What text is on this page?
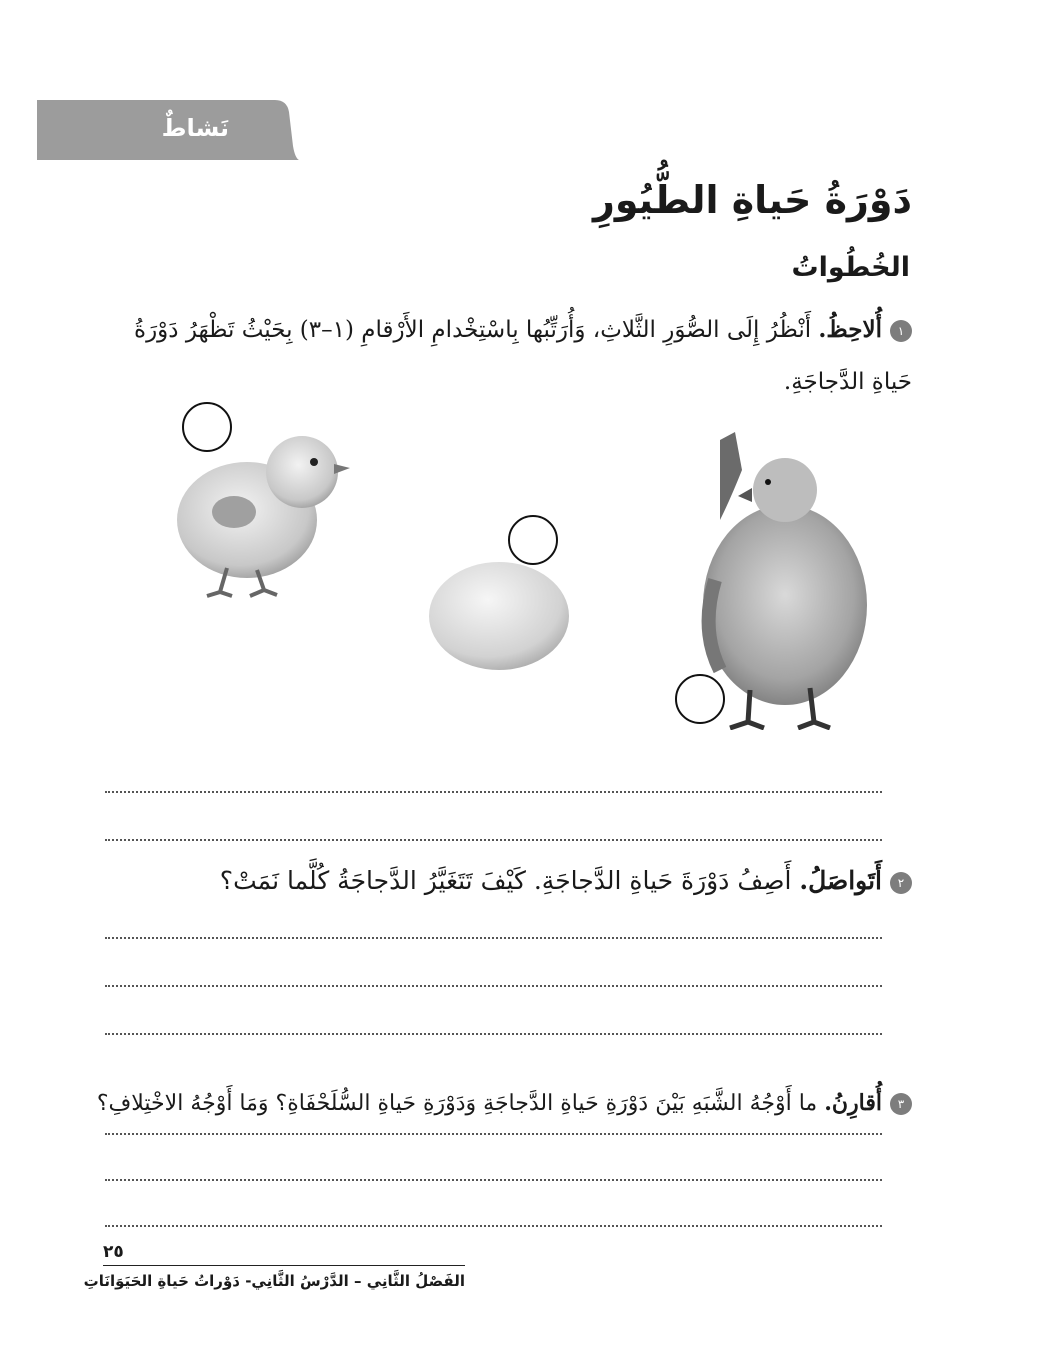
نَشاطٌ
دَوْرَةُ حَياةِ الطُّيُورِ
الخُطُواتُ
١أُلاحِظُ. أَنْظُرُ إِلَى الصُّوَرِ الثَّلاثِ، وَأُرَتِّبُها بِاسْتِخْدامِ الأَرْقامِ (١–٣) بِحَيْثُ تَظْهَرُ دَوْرَةُ حَياةِ الدَّجاجَةِ.
٢أَتَواصَلُ. أَصِفُ دَوْرَةَ حَياةِ الدَّجاجَةِ. كَيْفَ تَتَغَيَّرُ الدَّجاجَةُ كُلَّما نَمَتْ؟
٣أُقارِنُ. ما أَوْجُهُ الشَّبَهِ بَيْنَ دَوْرَةِ حَياةِ الدَّجاجَةِ وَدَوْرَةِ حَياةِ السُّلَحْفَاةِ؟ وَمَا أَوْجُهُ الاخْتِلافِ؟
٢٥
الفَصْلُ الثَّانِي – الدَّرْسُ الثَّانِي- دَوْراتُ حَياةِ الحَيَوَانَاتِ
